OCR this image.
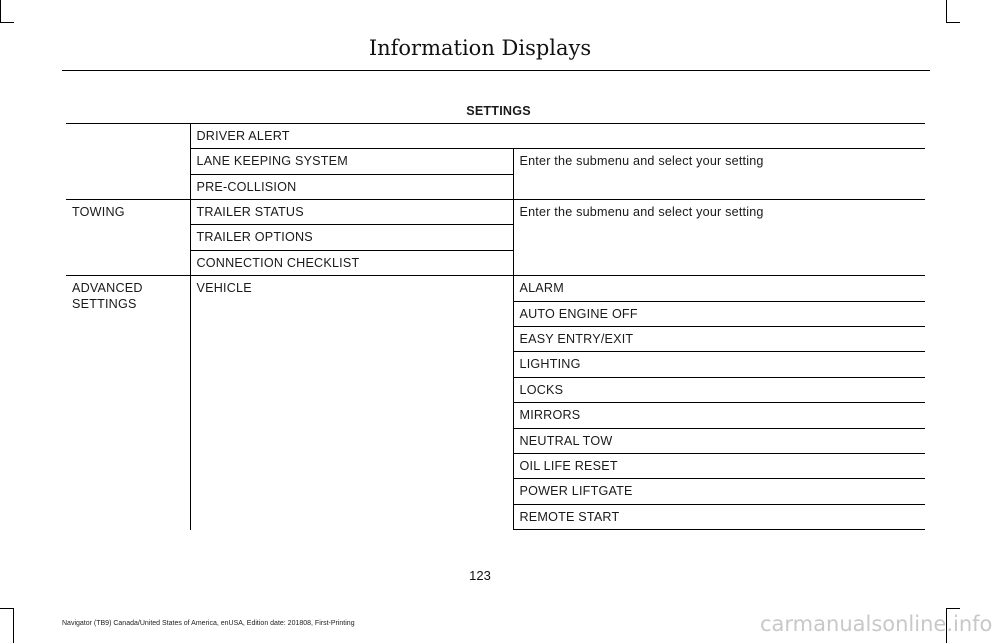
Information Displays
SETTINGS		
	DRIVER ALERT	
	LANE KEEPING SYSTEM	Enter the submenu and select your setting
	PRE-COLLISION	
TOWING	TRAILER STATUS	Enter the submenu and select your setting
	TRAILER OPTIONS	
	CONNECTION CHECKLIST	
ADVANCED SETTINGS	VEHICLE	ALARM
		AUTO ENGINE OFF
		EASY ENTRY/EXIT
		LIGHTING
		LOCKS
		MIRRORS
		NEUTRAL TOW
		OIL LIFE RESET
		POWER LIFTGATE
		REMOTE START
123
Navigator (TB9) Canada/United States of America, enUSA, Edition date: 201808, First-Printing	carmanualsonline.info
